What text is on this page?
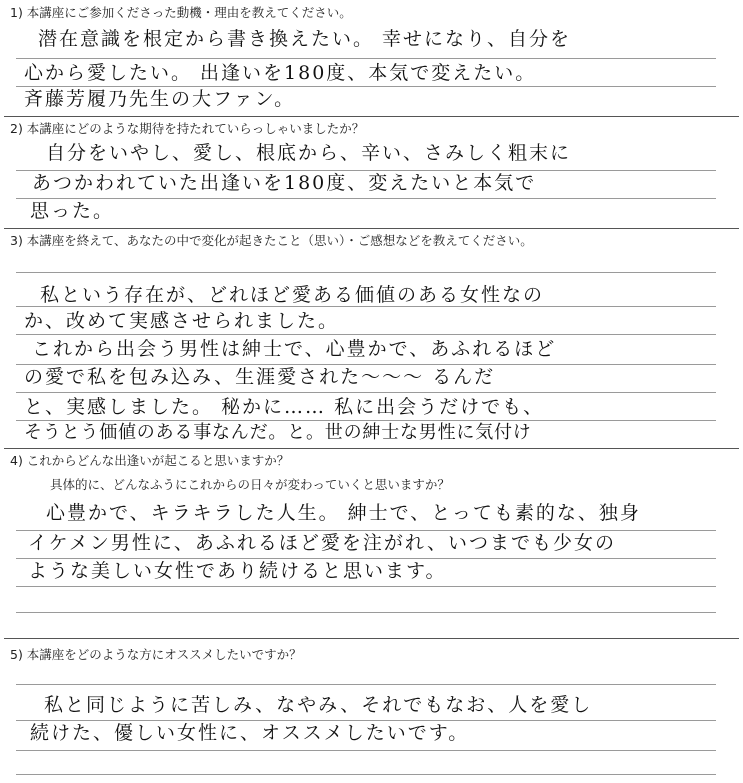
1) 本講座にご参加くださった動機・理由を教えてください。
潜在意識を根定から書き換えたい。 幸せになり、自分を
心から愛したい。 出逢いを180度、本気で変えたい。
斉藤芳履乃先生の大ファン。
2) 本講座にどのような期待を持たれていらっしゃいましたか？
自分をいやし、愛し、根底から、辛い、さみしく粗末に
あつかわれていた出逢いを180度、変えたいと本気で
思った。
3) 本講座を終えて、あなたの中で変化が起きたこと（思い）・ご感想などを教えてください。
私という存在が、どれほど愛ある価値のある女性なの
か、改めて実感させられました。
これから出会う男性は紳士で、心豊かで、あふれるほど
の愛で私を包み込み、生涯愛された〜〜〜 るんだ
と、実感しました。 秘かに…… 私に出会うだけでも、
そうとう価値のある事なんだ。と。世の紳士な男性に気付け
4) これからどんな出逢いが起こると思いますか？
具体的に、どんなふうにこれからの日々が変わっていくと思いますか？
心豊かで、キラキラした人生。 紳士で、とっても素的な、独身
イケメン男性に、あふれるほど愛を注がれ、いつまでも少女の
ような美しい女性であり続けると思います。
5) 本講座をどのような方にオススメしたいですか？
私と同じように苦しみ、なやみ、それでもなお、人を愛し
続けた、優しい女性に、オススメしたいです。
